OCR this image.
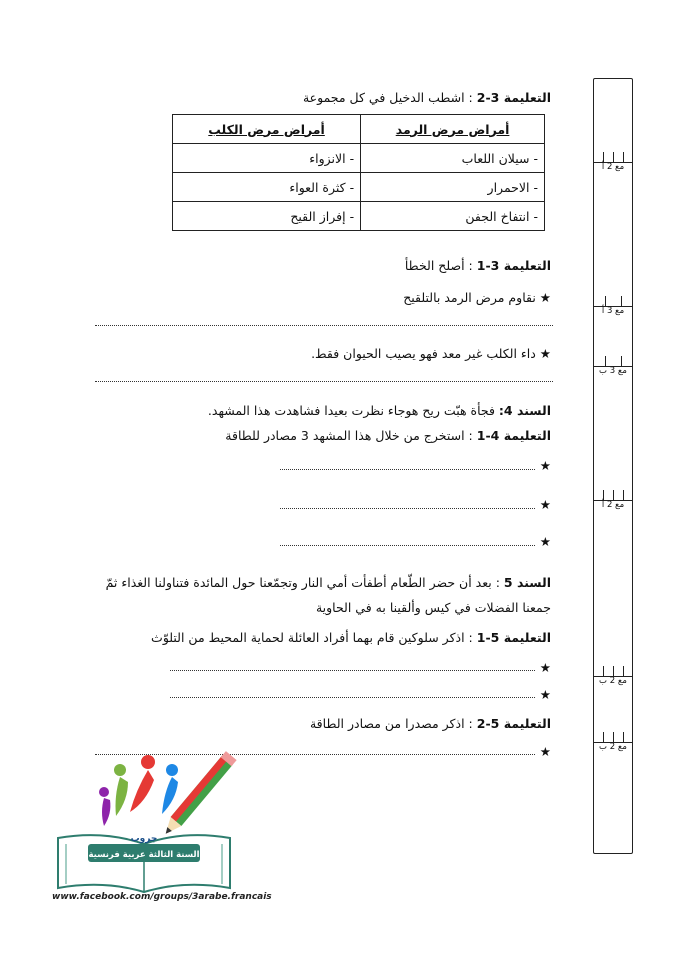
التعليمة 3-2 : اشطب الدخيل في كل مجموعة
أمراض مرض الرمد	أمراض مرض الكلب
- سيلان اللعاب	- الانزواء
- الاحمرار	- كثرة العواء
- انتفاخ الجفن	- إفراز القيح
التعليمة 3-1 : أصلح الخطأ
★ نقاوم مرض الرمد بالتلقيح
★ داء الكلب غير معد فهو يصيب الحيوان فقط.
السند 4: فجأة هبّت ريح هوجاء نظرت بعيدا فشاهدت هذا المشهد.
التعليمة 4-1 : استخرج من خلال هذا المشهد 3 مصادر للطاقة
★
★
★
السند 5 : بعد أن حضر الطّعام أطفأت أمي النار وتجمّعنا حول المائدة فتناولنا الغذاء ثمّ
جمعنا الفضلات في كيس وألقينا به في الحاوية
التعليمة 5-1 : اذكر سلوكين قام بهما أفراد العائلة لحماية المحيط من التلوّث
★
★
التعليمة 5-2 : اذكر مصدرا من مصادر الطاقة
★
مع 2 أ
مع 3 أ
مع 3 ب
مع 2 أ
مع 2 ب
مع 2 ب
جروب
السنة الثالثة عربية فرنسية
www.facebook.com/groups/3arabe.francais
